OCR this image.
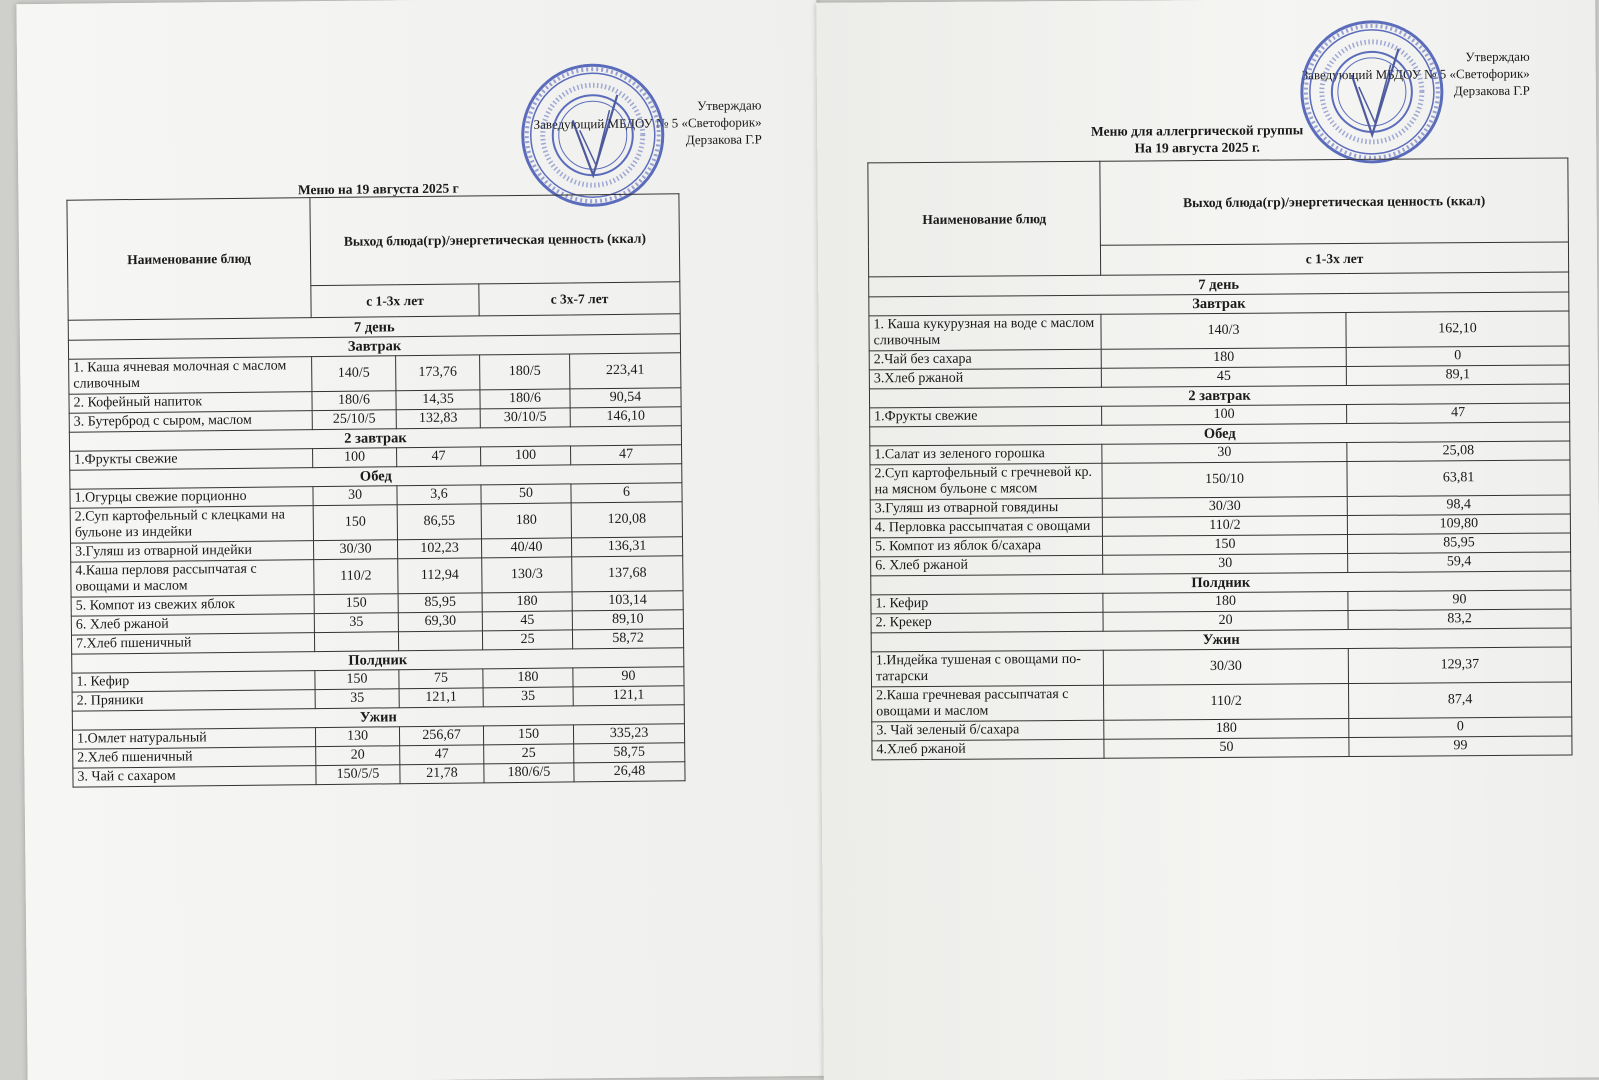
Утверждаю
Заведующий МБДОУ № 5 «Светофорик»
Дерзакова Г.Р
Меню на 19 августа 2025 г
Наименование блюд	Выход блюда(гр)/энергетическая ценность (ккал)			
	с 1-3х лет		с 3х-7 лет	
7 день				
Завтрак				
1. Каша ячневая молочная с маслом сливочным	140/5	173,76	180/5	223,41
2. Кофейный напиток	180/6	14,35	180/6	90,54
3. Бутерброд с сыром, маслом	25/10/5	132,83	30/10/5	146,10
2 завтрак				
1.Фрукты свежие	100	47	100	47
Обед				
1.Огурцы свежие порционно	30	3,6	50	6
2.Суп картофельный с клецками на бульоне из индейки	150	86,55	180	120,08
3.Гуляш из отварной индейки	30/30	102,23	40/40	136,31
4.Каша перловя рассыпчатая с овощами и маслом	110/2	112,94	130/3	137,68
5. Компот из свежих яблок	150	85,95	180	103,14
6. Хлеб ржаной	35	69,30	45	89,10
7.Хлеб пшеничный			25	58,72
Полдник				
1. Кефир	150	75	180	90
2. Пряники	35	121,1	35	121,1
Ужин				
1.Омлет натуральный	130	256,67	150	335,23
2.Хлеб пшеничный	20	47	25	58,75
3. Чай с сахаром	150/5/5	21,78	180/6/5	26,48
Утверждаю
Заведующий МБДОУ № 5 «Светофорик»
Дерзакова Г.Р
Меню для аллегргической группы
На 19 августа 2025 г.
Наименование блюд	Выход блюда(гр)/энергетическая ценность (ккал)	
	с 1-3х лет	
7 день		
Завтрак		
1. Каша кукурузная на воде с маслом сливочным	140/3	162,10
2.Чай без сахара	180	0
3.Хлеб ржаной	45	89,1
2 завтрак		
1.Фрукты свежие	100	47
Обед		
1.Салат из зеленого горошка	30	25,08
2.Суп картофельный с гречневой кр. на мясном бульоне с мясом	150/10	63,81
3.Гуляш из отварной говядины	30/30	98,4
4. Перловка рассыпчатая с овощами	110/2	109,80
5. Компот из яблок б/сахара	150	85,95
6. Хлеб ржаной	30	59,4
Полдник		
1. Кефир	180	90
2. Крекер	20	83,2
Ужин		
1.Индейка тушеная с овощами по-татарски	30/30	129,37
2.Каша гречневая рассыпчатая с овощами и маслом	110/2	87,4
3. Чай зеленый б/сахара	180	0
4.Хлеб ржаной	50	99
